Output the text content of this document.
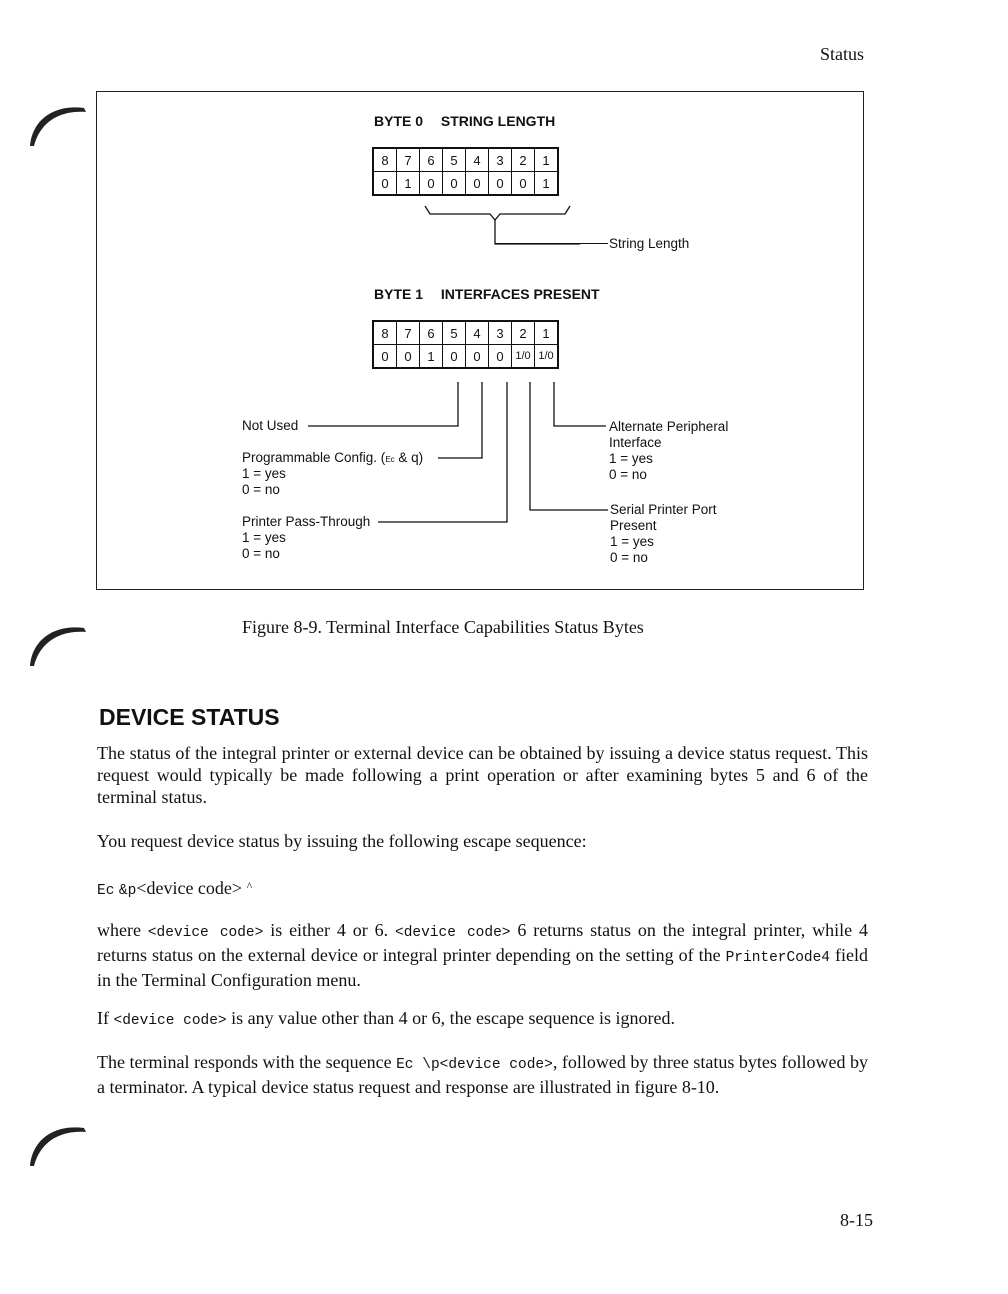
Status
BYTE 0 STRING LENGTH
8	7	6	5	4	3	2	1
0	1	0	0	0	0	0	1
String Length
BYTE 1 INTERFACES PRESENT
8	7	6	5	4	3	2	1
0	0	1	0	0	0	1/0	1/0
Not Used
Programmable Config. (Ec & q)
1 = yes
0 = no
Printer Pass-Through
1 = yes
0 = no
Alternate Peripheral
Interface
1 = yes
0 = no
Serial Printer Port
Present
1 = yes
0 = no
Figure 8-9. Terminal Interface Capabilities Status Bytes
DEVICE STATUS
The status of the integral printer or external device can be obtained by issuing a device status request. This request would typically be made following a print operation or after examining bytes 5 and 6 of the terminal status.
You request device status by issuing the following escape sequence:
Ec &p<device code> ^
where <device code> is either 4 or 6. <device code> 6 returns status on the integral printer, while 4 returns status on the external device or integral printer depending on the setting of the PrinterCode4 field in the Terminal Configuration menu.
If <device code> is any value other than 4 or 6, the escape sequence is ignored.
The terminal responds with the sequence Ec \p<device code>, followed by three status bytes followed by a terminator. A typical device status request and response are illustrated in figure 8-10.
8-15
